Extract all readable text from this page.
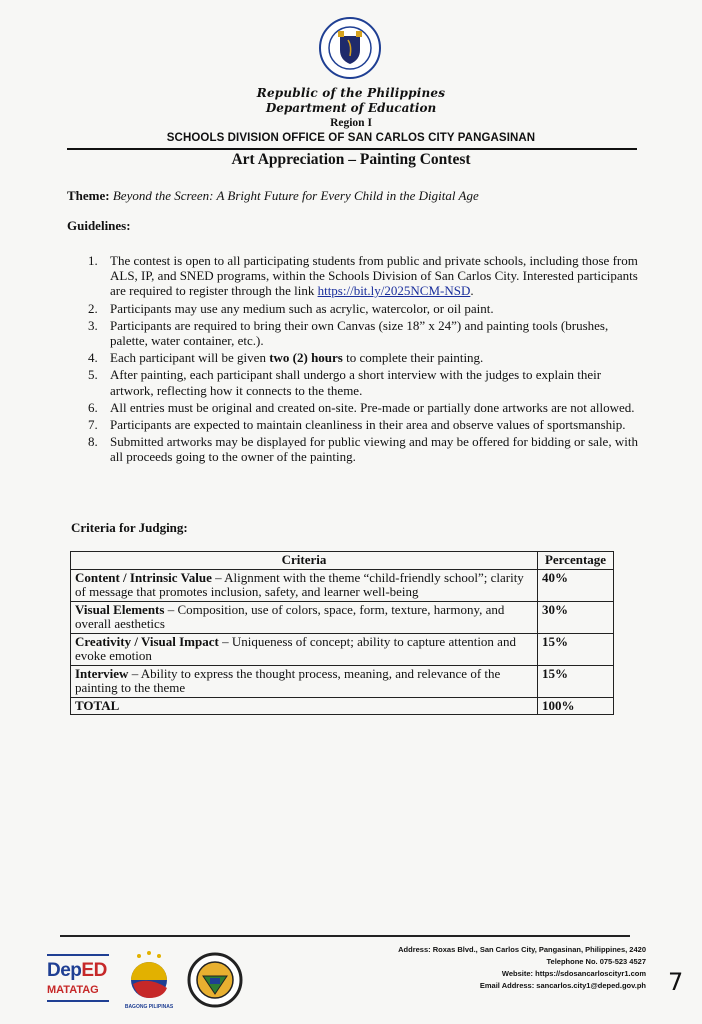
Republic of the Philippines
Department of Education
Region I
SCHOOLS DIVISION OFFICE OF SAN CARLOS CITY PANGASINAN
Art Appreciation – Painting Contest
Theme: Beyond the Screen: A Bright Future for Every Child in the Digital Age
Guidelines:
1. The contest is open to all participating students from public and private schools, including those from ALS, IP, and SNED programs, within the Schools Division of San Carlos City. Interested participants are required to register through the link https://bit.ly/2025NCM-NSD.
2. Participants may use any medium such as acrylic, watercolor, or oil paint.
3. Participants are required to bring their own Canvas (size 18” x 24”) and painting tools (brushes, palette, water container, etc.).
4. Each participant will be given two (2) hours to complete their painting.
5. After painting, each participant shall undergo a short interview with the judges to explain their artwork, reflecting how it connects to the theme.
6. All entries must be original and created on-site. Pre-made or partially done artworks are not allowed.
7. Participants are expected to maintain cleanliness in their area and observe values of sportsmanship.
8. Submitted artworks may be displayed for public viewing and may be offered for bidding or sale, with all proceeds going to the owner of the painting.
Criteria for Judging:
Criteria	Percentage
Content / Intrinsic Value – Alignment with the theme “child-friendly school”; clarity of message that promotes inclusion, safety, and learner well-being	40%
Visual Elements – Composition, use of colors, space, form, texture, harmony, and overall aesthetics	30%
Creativity / Visual Impact – Uniqueness of concept; ability to capture attention and evoke emotion	15%
Interview – Ability to express the thought process, meaning, and relevance of the painting to the theme	15%
TOTAL	100%
DepED
MATATAG
BAGONG PILIPINAS
Address: Roxas Blvd., San Carlos City, Pangasinan, Philippines, 2420
Telephone No. 075-523 4527
Website: https://sdosancarloscityr1.com
Email Address: sancarlos.city1@deped.gov.ph 7
